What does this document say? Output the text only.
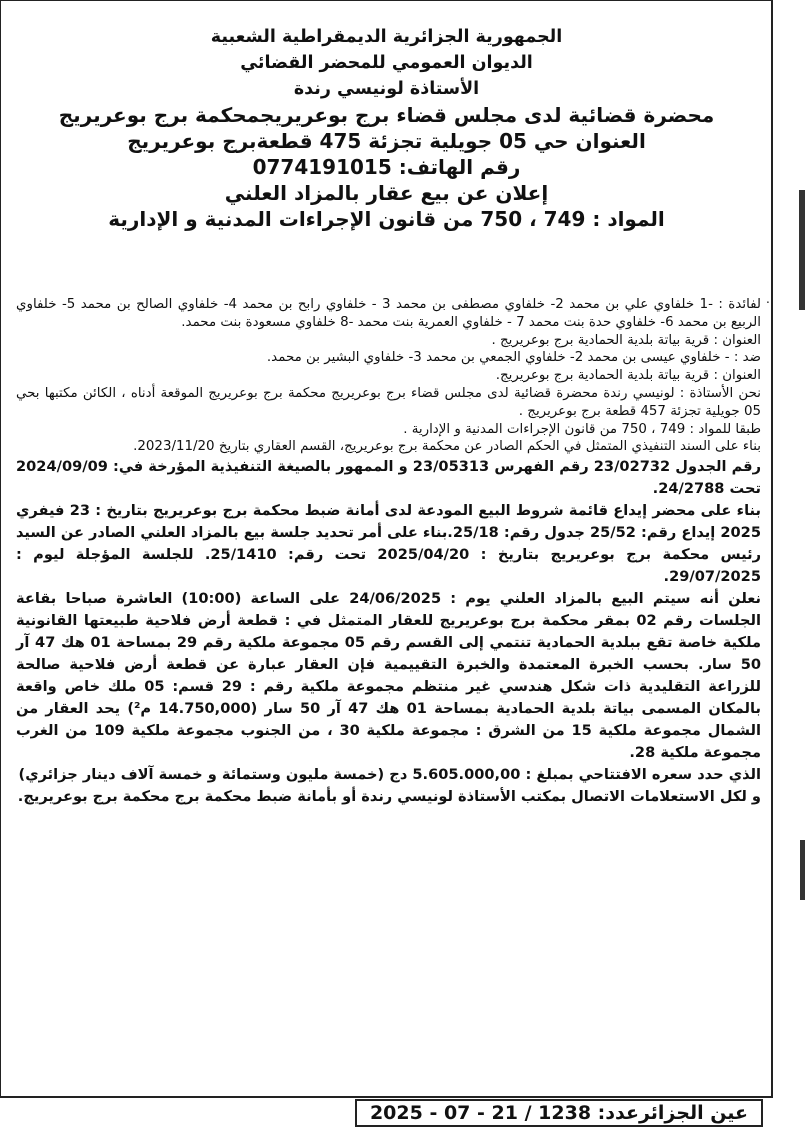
الجمهورية الجزائرية الديمقراطية الشعبية
الديوان العمومي للمحضر القضائي
الأستاذة لونيسي رندة
محضرة قضائية لدى مجلس قضاء برج بوعريريجمحكمة برج بوعريريج
العنوان حي 05 جويلية تجزئة 475 قطعةبرج بوعريريج
رقم الهاتف: 0774191015
إعلان عن بيع عقار بالمزاد العلني
المواد : 749 ، 750 من قانون الإجراءات المدنية و الإدارية
.

لفائدة : -1 خلفاوي علي بن محمد 2- خلفاوي مصطفى بن محمد 3 - خلفاوي رابح بن محمد 4- خلفاوي الصالح بن محمد 5- خلفاوي الربيع بن محمد 6- خلفاوي حدة بنت محمد 7 - خلفاوي العمرية بنت محمد -8 خلفاوي مسعودة بنت محمد.

العنوان : قرية بياتة بلدية الحمادية برج بوعريريج .

ضد : - خلفاوي عيسى بن محمد 2- خلفاوي الجمعي بن محمد 3- خلفاوي البشير بن محمد.

العنوان : قرية بياتة بلدية الحمادية برج بوعريريج.

نحن الأستاذة : لونيسي رندة محضرة قضائية لدى مجلس قضاء برج بوعريريج محكمة برج بوعريريج الموقعة أدناه ، الكائن مكتبها بحي 05 جويلية تجزئة 457 قطعة برج بوعريريج .

طبقا للمواد : 749 ، 750 من قانون الإجراءات المدنية و الإدارية .

بناء على السند التنفيذي المتمثل في الحكم الصادر عن محكمة برج بوعريريج، القسم العقاري بتاريخ 2023/11/20.

رقم الجدول 23/02732 رقم الفهرس 23/05313 و الممهور بالصيغة التنفيذية المؤرخة في: 2024/09/09 تحت 24/2788.

بناء على محضر إيداع قائمة شروط البيع المودعة لدى أمانة ضبط محكمة برج بوعريريج بتاريخ : 23 فيفري 2025 إيداع رقم: 25/52 جدول رقم: 25/18.بناء على أمر تحديد جلسة بيع بالمزاد العلني الصادر عن السيد رئيس محكمة برج بوعريريج بتاريخ : 2025/04/20 تحت رقم: 25/1410. للجلسة المؤجلة ليوم : 29/07/2025.

نعلن أنه سيتم البيع بالمزاد العلني يوم : 24/06/2025 على الساعة (10:00) العاشرة صباحا بقاعة الجلسات رقم 02 بمقر محكمة برج بوعريريج للعقار المتمثل في : قطعة أرض فلاحية طبيعتها القانونية ملكية خاصة تقع ببلدية الحمادية تنتمي إلى القسم رقم 05 مجموعة ملكية رقم 29 بمساحة 01 هك 47 آر 50 سار. بحسب الخبرة المعتمدة والخبرة التقييمية فإن العقار عبارة عن قطعة أرض فلاحية صالحة للزراعة التقليدية ذات شكل هندسي غير منتظم مجموعة ملكية رقم : 29 قسم: 05 ملك خاص واقعة بالمكان المسمى بياتة بلدية الحمادية بمساحة 01 هك 47 آر 50 سار (14.750,000 م²) يحد العقار من الشمال مجموعة ملكية 15 من الشرق : مجموعة ملكية 30 ، من الجنوب مجموعة ملكية 109 من الغرب مجموعة ملكية 28.

الذي حدد سعره الافتتاحي بمبلغ : 5.605.000,00 دج (خمسة مليون وستمائة و خمسة آلاف دينار جزائري)

و لكل الاستعلامات الاتصال بمكتب الأستاذة لونيسي رندة أو بأمانة ضبط محكمة برج محكمة برج بوعريريج.

عين الجزائرعدد: 1238 / 21 - 07 - 2025
